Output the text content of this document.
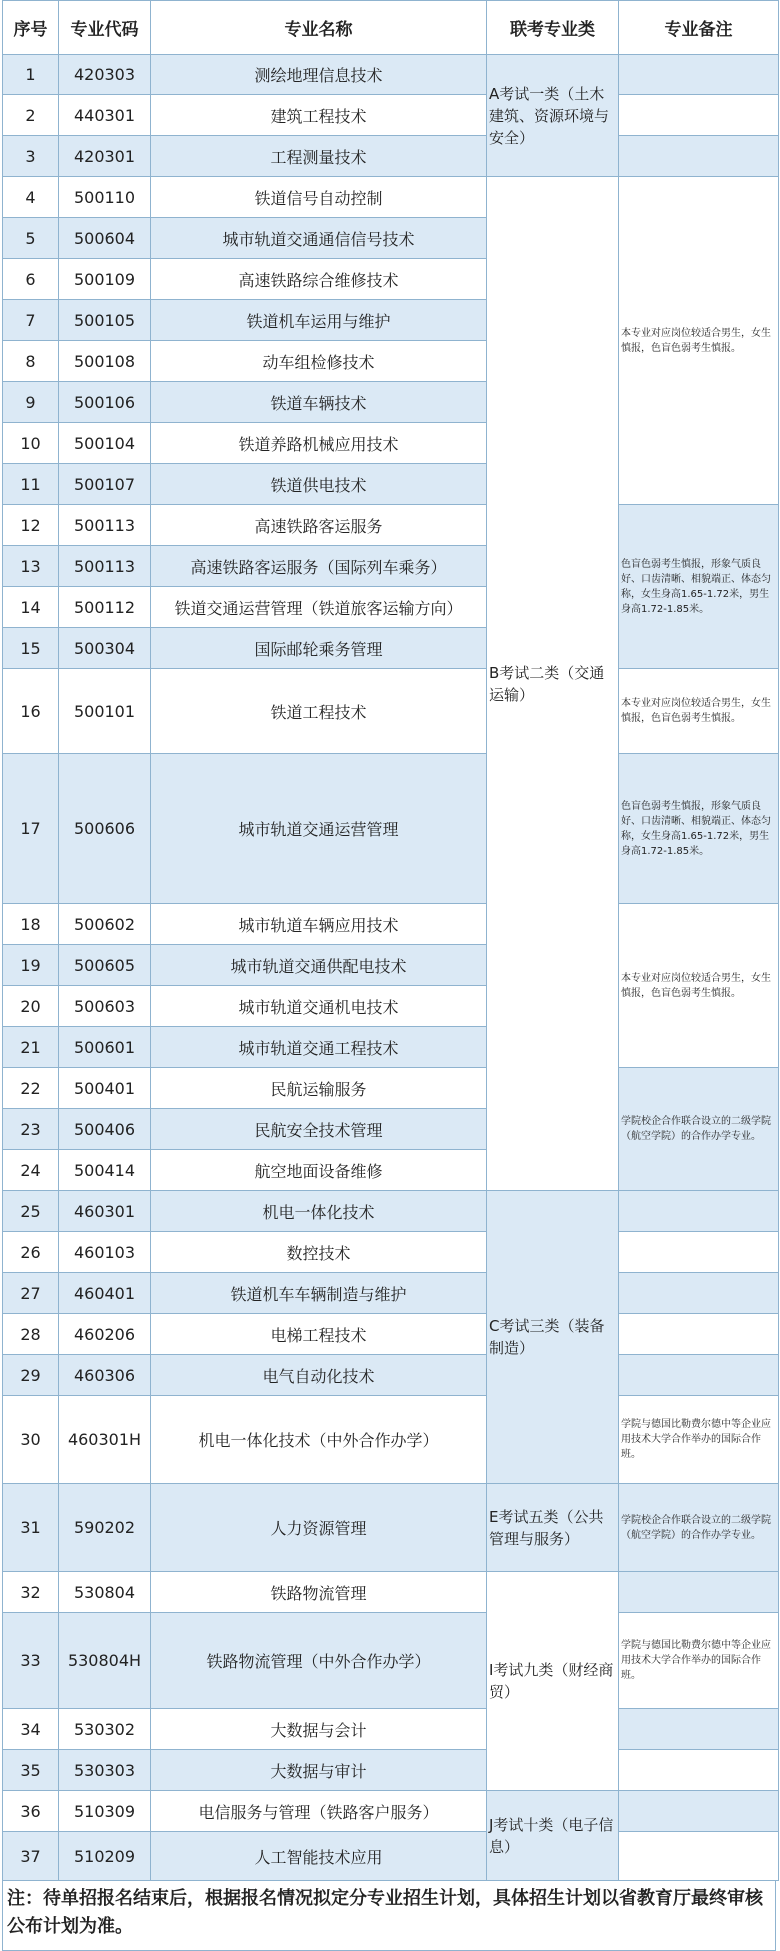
序号	专业代码	专业名称	联考专业类	专业备注
1	420303	测绘地理信息技术	A考试一类（土木建筑、资源环境与安全）	
2	440301	建筑工程技术		
3	420301	工程测量技术		
4	500110	铁道信号自动控制	B考试二类（交通运输）	本专业对应岗位较适合男生，女生慎报，色盲色弱考生慎报。
5	500604	城市轨道交通通信信号技术		
6	500109	高速铁路综合维修技术		
7	500105	铁道机车运用与维护		
8	500108	动车组检修技术		
9	500106	铁道车辆技术		
10	500104	铁道养路机械应用技术		
11	500107	铁道供电技术		
12	500113	高速铁路客运服务		色盲色弱考生慎报，形象气质良好、口齿清晰、相貌端正、体态匀称，女生身高1.65-1.72米，男生身高1.72-1.85米。
13	500113	高速铁路客运服务（国际列车乘务）		
14	500112	铁道交通运营管理（铁道旅客运输方向）		
15	500304	国际邮轮乘务管理		
16	500101	铁道工程技术		本专业对应岗位较适合男生，女生慎报，色盲色弱考生慎报。
17	500606	城市轨道交通运营管理		色盲色弱考生慎报，形象气质良好、口齿清晰、相貌端正、体态匀称，女生身高1.65-1.72米，男生身高1.72-1.85米。
18	500602	城市轨道车辆应用技术		本专业对应岗位较适合男生，女生慎报，色盲色弱考生慎报。
19	500605	城市轨道交通供配电技术		
20	500603	城市轨道交通机电技术		
21	500601	城市轨道交通工程技术		
22	500401	民航运输服务		学院校企合作联合设立的二级学院（航空学院）的合作办学专业。
23	500406	民航安全技术管理		
24	500414	航空地面设备维修		
25	460301	机电一体化技术	C考试三类（装备制造）	
26	460103	数控技术		
27	460401	铁道机车车辆制造与维护		
28	460206	电梯工程技术		
29	460306	电气自动化技术		
30	460301H	机电一体化技术（中外合作办学）		学院与德国比勒费尔德中等企业应用技术大学合作举办的国际合作班。
31	590202	人力资源管理	E考试五类（公共管理与服务）	学院校企合作联合设立的二级学院（航空学院）的合作办学专业。
32	530804	铁路物流管理	I考试九类（财经商贸）	
33	530804H	铁路物流管理（中外合作办学）		学院与德国比勒费尔德中等企业应用技术大学合作举办的国际合作班。
34	530302	大数据与会计		
35	530303	大数据与审计		
36	510309	电信服务与管理（铁路客户服务）	J考试十类（电子信息）	
37	510209	人工智能技术应用		
注：待单招报名结束后，根据报名情况拟定分专业招生计划，具体招生计划以省教育厅最终审核公布计划为准。
